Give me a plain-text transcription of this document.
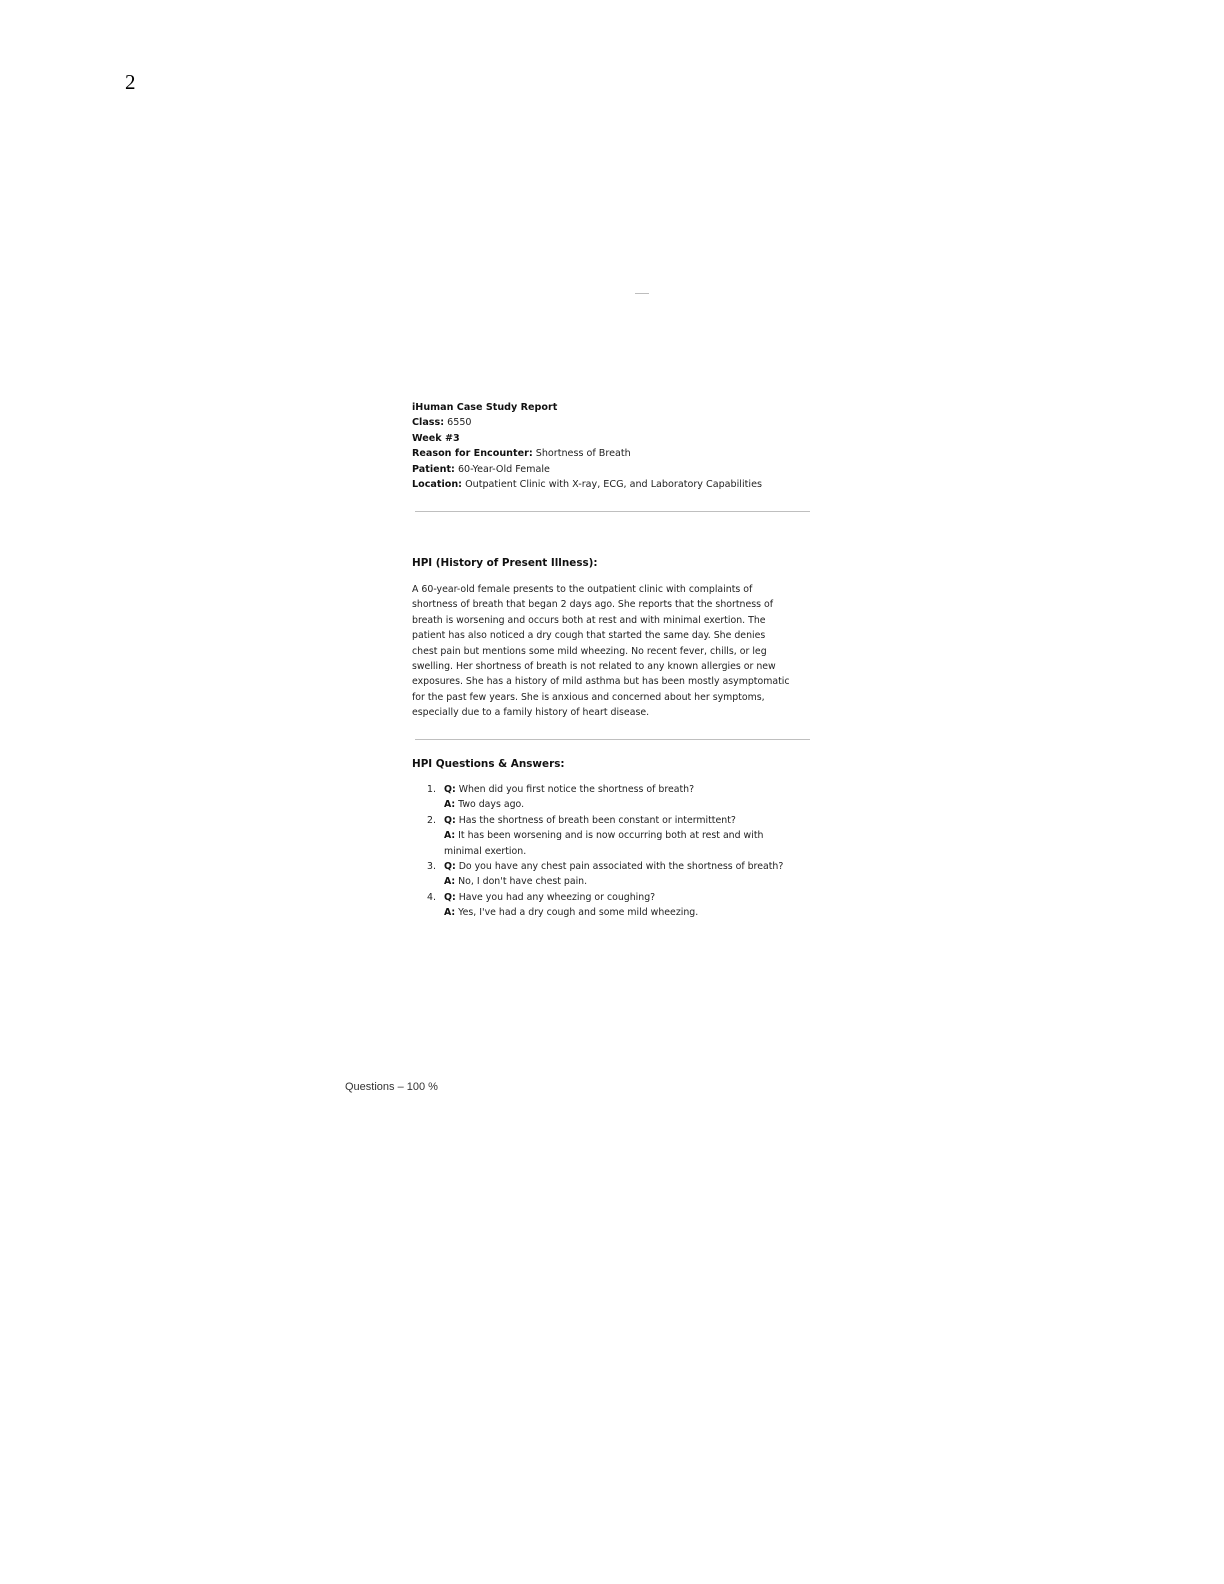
2
iHuman Case Study Report
Class: 6550
Week #3
Reason for Encounter: Shortness of Breath
Patient: 60-Year-Old Female
Location: Outpatient Clinic with X-ray, ECG, and Laboratory Capabilities
HPI (History of Present Illness):
A 60-year-old female presents to the outpatient clinic with complaints of
shortness of breath that began 2 days ago. She reports that the shortness of
breath is worsening and occurs both at rest and with minimal exertion. The
patient has also noticed a dry cough that started the same day. She denies
chest pain but mentions some mild wheezing. No recent fever, chills, or leg
swelling. Her shortness of breath is not related to any known allergies or new
exposures. She has a history of mild asthma but has been mostly asymptomatic
for the past few years. She is anxious and concerned about her symptoms,
especially due to a family history of heart disease.
HPI Questions & Answers:
1. Q: When did you first notice the shortness of breath?
A: Two days ago.
2. Q: Has the shortness of breath been constant or intermittent?
A: It has been worsening and is now occurring both at rest and with
minimal exertion.
3. Q: Do you have any chest pain associated with the shortness of breath?
A: No, I don't have chest pain.
4. Q: Have you had any wheezing or coughing?
A: Yes, I've had a dry cough and some mild wheezing.
Questions – 100 %
